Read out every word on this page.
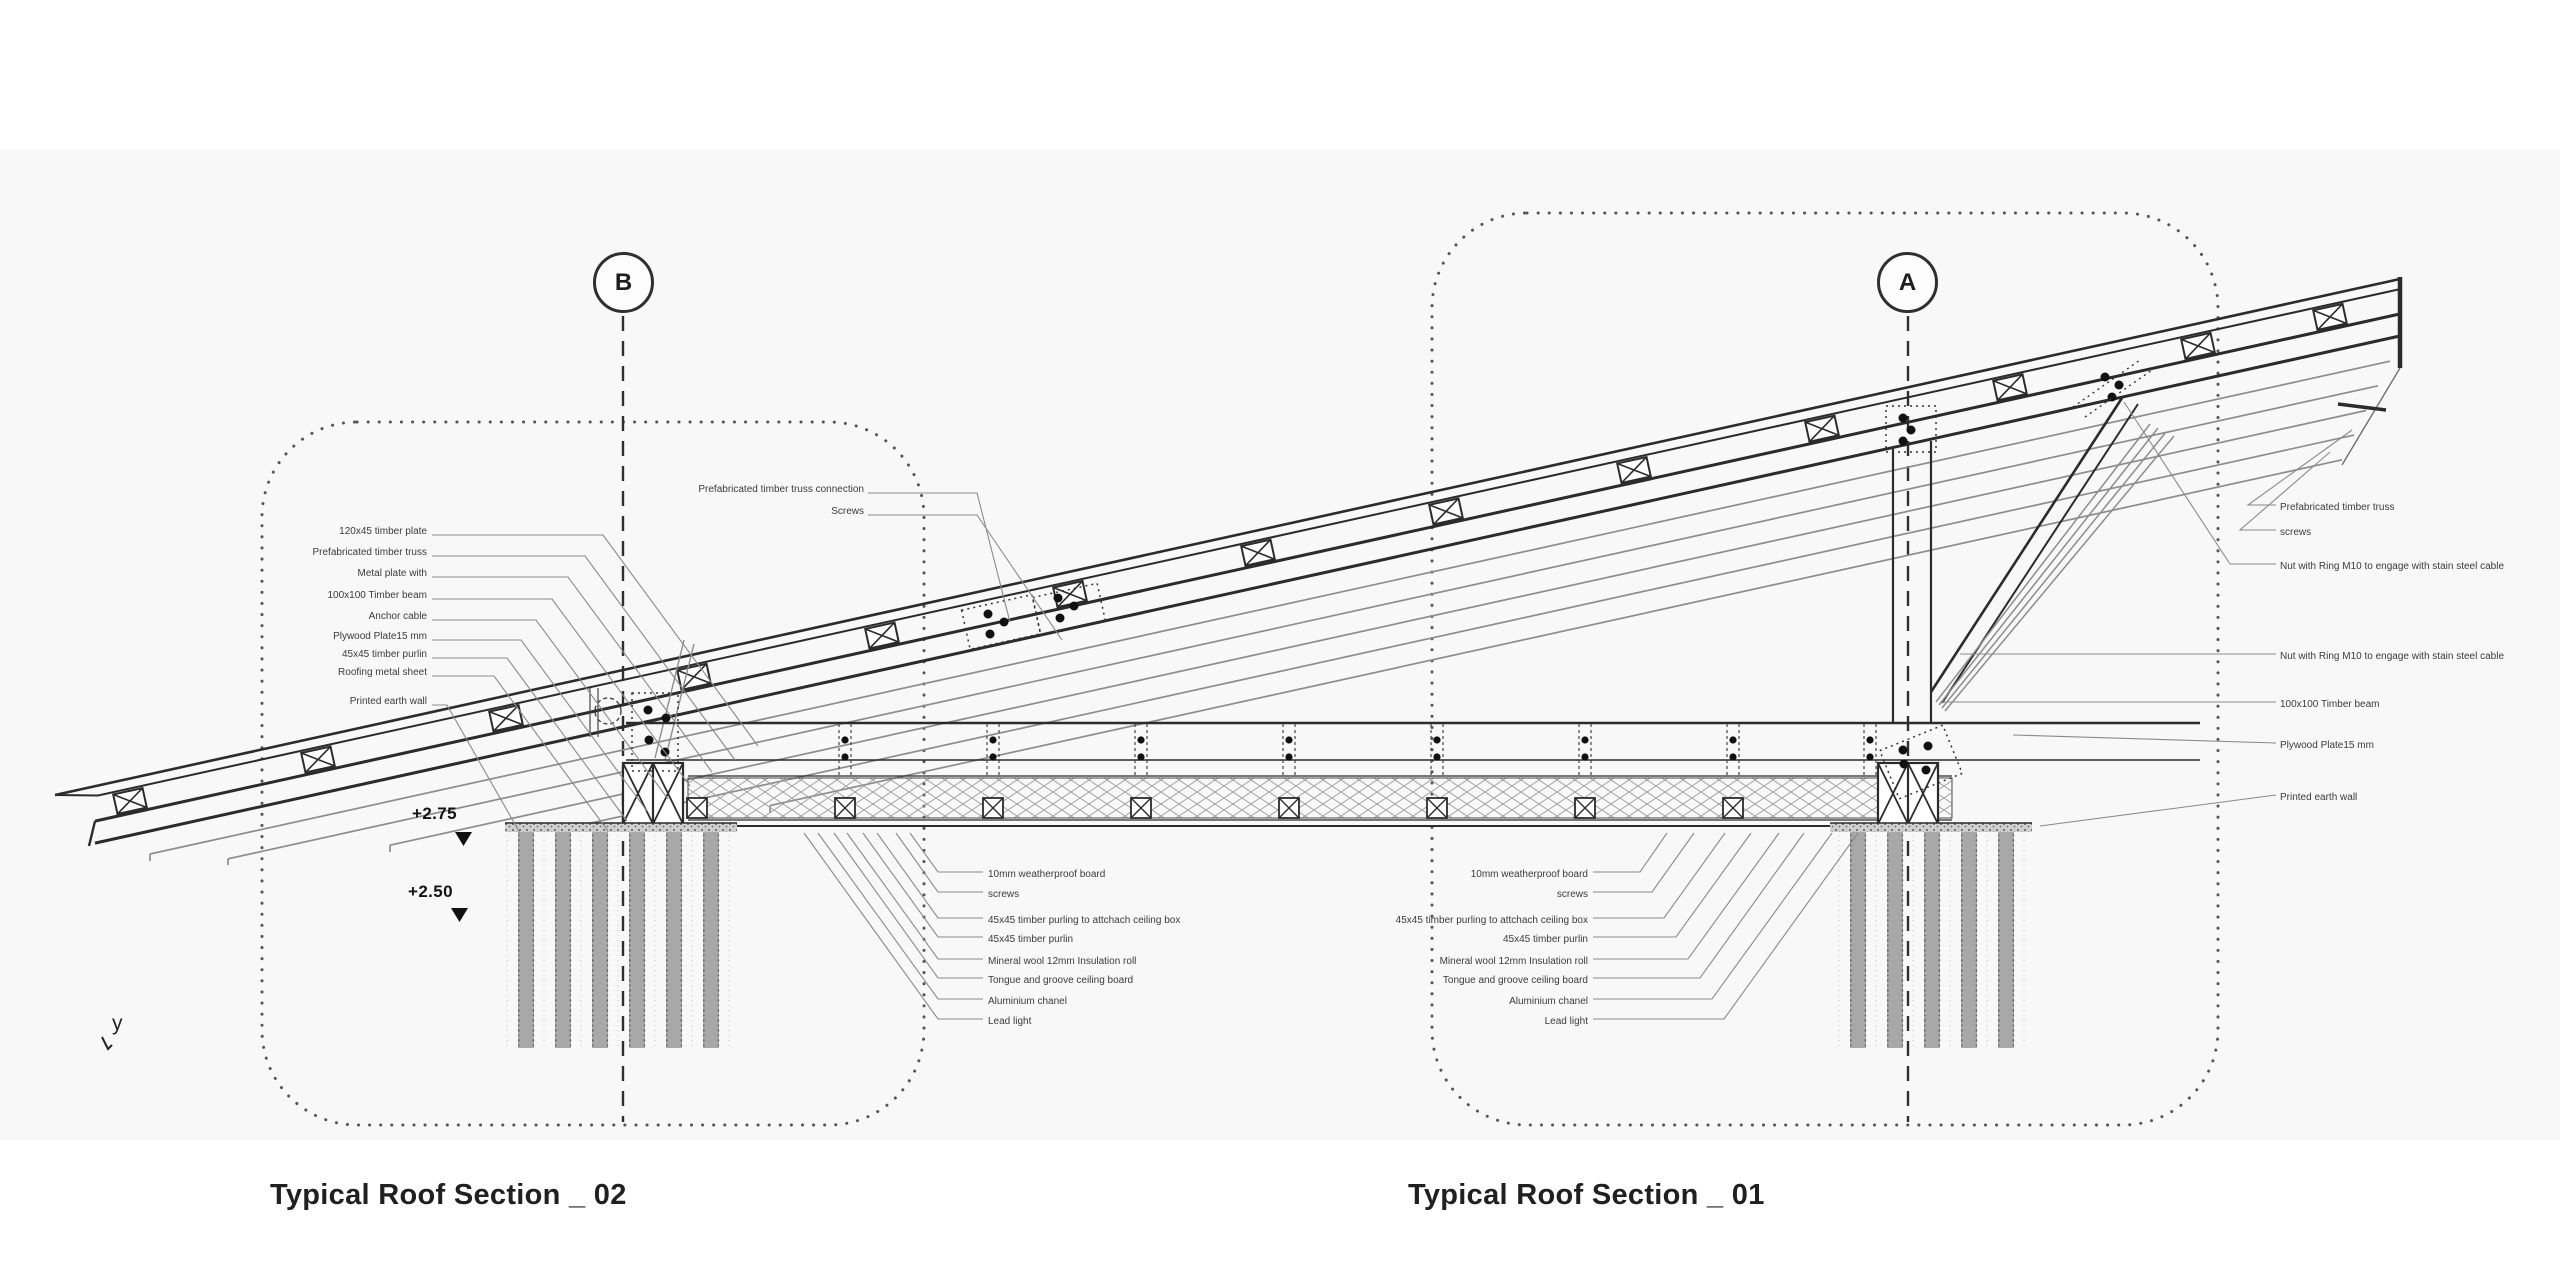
120x45 timber plate
Prefabricated timber truss
Metal plate with
100x100 Timber beam
Anchor cable
Plywood Plate15 mm
45x45 timber purlin
Roofing metal sheet
Printed earth wall
Prefabricated timber truss connection
Screws	Prefabricated timber truss
screws
Nut with Ring M10 to engage with stain steel cable
Nut with Ring M10 to engage with stain steel cable
100x100 Timber beam
Plywood Plate15 mm
Printed earth wall
10mm weatherproof board
screws
45x45 timber purling to attchach ceiling box
45x45 timber purlin
Mineral wool 12mm Insulation roll
Tongue and groove ceiling board
Aluminium chanel
Lead light
10mm weatherproof board
screws
45x45 timber purling to attchach ceiling box
45x45 timber purlin
Mineral wool 12mm Insulation roll
Tongue and groove ceiling board
Aluminium chanel
Lead light
B	A
+2.75
+2.50
y
Typical Roof Section _ 02	Typical Roof Section _ 01
